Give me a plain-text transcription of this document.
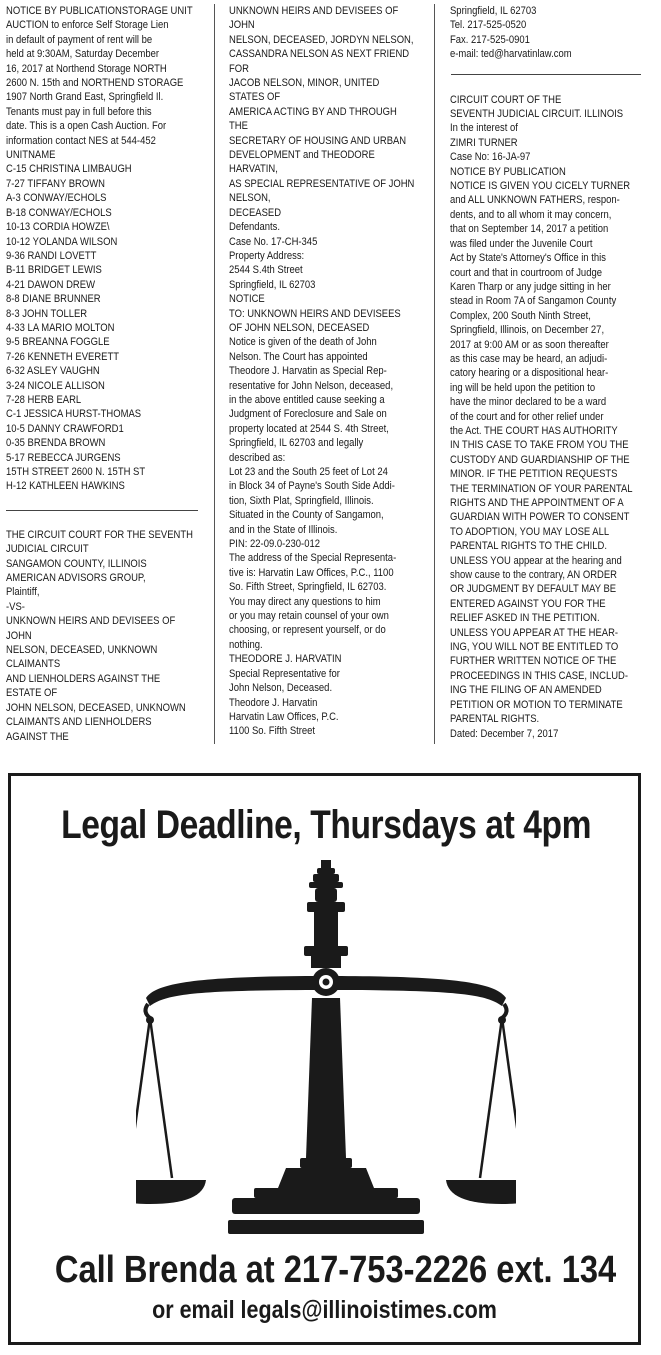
NOTICE BY PUBLICATIONSTORAGE UNIT
AUCTION to enforce Self Storage Lien
in default of payment of rent will be
held at 9:30AM, Saturday December
16, 2017 at Northend Storage NORTH
2600 N. 15th and NORTHEND STORAGE
1907 North Grand East, Springfield Il.
Tenants must pay in full before this
date. This is a open Cash Auction. For
information contact NES at 544-452
UNITNAME
C-15 CHRISTINA LIMBAUGH
7-27 TIFFANY BROWN
A-3 CONWAY/ECHOLS
B-18 CONWAY/ECHOLS
10-13 CORDIA HOWZE\
10-12 YOLANDA WILSON
9-36 RANDI LOVETT
B-11 BRIDGET LEWIS
4-21 DAWON DREW
8-8 DIANE BRUNNER
8-3 JOHN TOLLER
4-33 LA MARIO MOLTON
9-5 BREANNA FOGGLE
7-26 KENNETH EVERETT
6-32 ASLEY VAUGHN
3-24 NICOLE ALLISON
7-28 HERB EARL
C-1 JESSICA HURST-THOMAS
10-5 DANNY CRAWFORD1
0-35 BRENDA BROWN
5-17 REBECCA JURGENS
15TH STREET 2600 N. 15TH ST
H-12 KATHLEEN HAWKINS
THE CIRCUIT COURT FOR THE SEVENTH
JUDICIAL CIRCUIT
SANGAMON COUNTY, ILLINOIS
AMERICAN ADVISORS GROUP,
Plaintiff,
-VS-
UNKNOWN HEIRS AND DEVISEES OF
JOHN
NELSON, DECEASED, UNKNOWN
CLAIMANTS
AND LIENHOLDERS AGAINST THE
ESTATE OF
JOHN NELSON, DECEASED, UNKNOWN
CLAIMANTS AND LIENHOLDERS
AGAINST THE
UNKNOWN HEIRS AND DEVISEES OF
JOHN
NELSON, DECEASED, JORDYN NELSON,
CASSANDRA NELSON AS NEXT FRIEND
FOR
JACOB NELSON, MINOR, UNITED
STATES OF
AMERICA ACTING BY AND THROUGH
THE
SECRETARY OF HOUSING AND URBAN
DEVELOPMENT and THEODORE
HARVATIN,
AS SPECIAL REPRESENTATIVE OF JOHN
NELSON,
DECEASED
Defendants.
Case No. 17-CH-345
Property Address:
2544 S.4th Street
Springfield, IL 62703
NOTICE
TO: UNKNOWN HEIRS AND DEVISEES
OF JOHN NELSON, DECEASED
Notice is given of the death of John
Nelson. The Court has appointed
Theodore J. Harvatin as Special Rep-
resentative for John Nelson, deceased,
in the above entitled cause seeking a
Judgment of Foreclosure and Sale on
property located at 2544 S. 4th Street,
Springfield, IL 62703 and legally
described as:
Lot 23 and the South 25 feet of Lot 24
in Block 34 of Payne's South Side Addi-
tion, Sixth Plat, Springfield, Illinois.
Situated in the County of Sangamon,
and in the State of Illinois.
PIN: 22-09.0-230-012
The address of the Special Representa-
tive is: Harvatin Law Offices, P.C., 1100
So. Fifth Street, Springfield, IL 62703.
You may direct any questions to him
or you may retain counsel of your own
choosing, or represent yourself, or do
nothing.
THEODORE J. HARVATIN
Special Representative for
John Nelson, Deceased.
Theodore J. Harvatin
Harvatin Law Offices, P.C.
1100 So. Fifth Street
Springfield, IL 62703
Tel. 217-525-0520
Fax. 217-525-0901
e-mail: ted@harvatinlaw.com
CIRCUIT COURT OF THE
SEVENTH JUDICIAL CIRCUIT. ILLINOIS
In the interest of
ZIMRI TURNER
Case No: 16-JA-97
NOTICE BY PUBLICATION
NOTICE IS GIVEN YOU CICELY TURNER
and ALL UNKNOWN FATHERS, respon-
dents, and to all whom it may concern,
that on September 14, 2017 a petition
was filed under the Juvenile Court
Act by State's Attorney's Office in this
court and that in courtroom of Judge
Karen Tharp or any judge sitting in her
stead in Room 7A of Sangamon County
Complex, 200 South Ninth Street,
Springfield, Illinois, on December 27,
2017 at 9:00 AM or as soon thereafter
as this case may be heard, an adjudi-
catory hearing or a dispositional hear-
ing will be held upon the petition to
have the minor declared to be a ward
of the court and for other relief under
the Act. THE COURT HAS AUTHORITY
IN THIS CASE TO TAKE FROM YOU THE
CUSTODY AND GUARDIANSHIP OF THE
MINOR. IF THE PETITION REQUESTS
THE TERMINATION OF YOUR PARENTAL
RIGHTS AND THE APPOINTMENT OF A
GUARDIAN WITH POWER TO CONSENT
TO ADOPTION, YOU MAY LOSE ALL
PARENTAL RIGHTS TO THE CHILD.
UNLESS YOU appear at the hearing and
show cause to the contrary, AN ORDER
OR JUDGMENT BY DEFAULT MAY BE
ENTERED AGAINST YOU FOR THE
RELIEF ASKED IN THE PETITION.
UNLESS YOU APPEAR AT THE HEAR-
ING, YOU WILL NOT BE ENTITLED TO
FURTHER WRITTEN NOTICE OF THE
PROCEEDINGS IN THIS CASE, INCLUD-
ING THE FILING OF AN AMENDED
PETITION OR MOTION TO TERMINATE
PARENTAL RIGHTS.
Dated: December 7, 2017
Legal Deadline, Thursdays at 4pm
Call Brenda at 217-753-2226 ext. 134
or email legals@illinoistimes.com
